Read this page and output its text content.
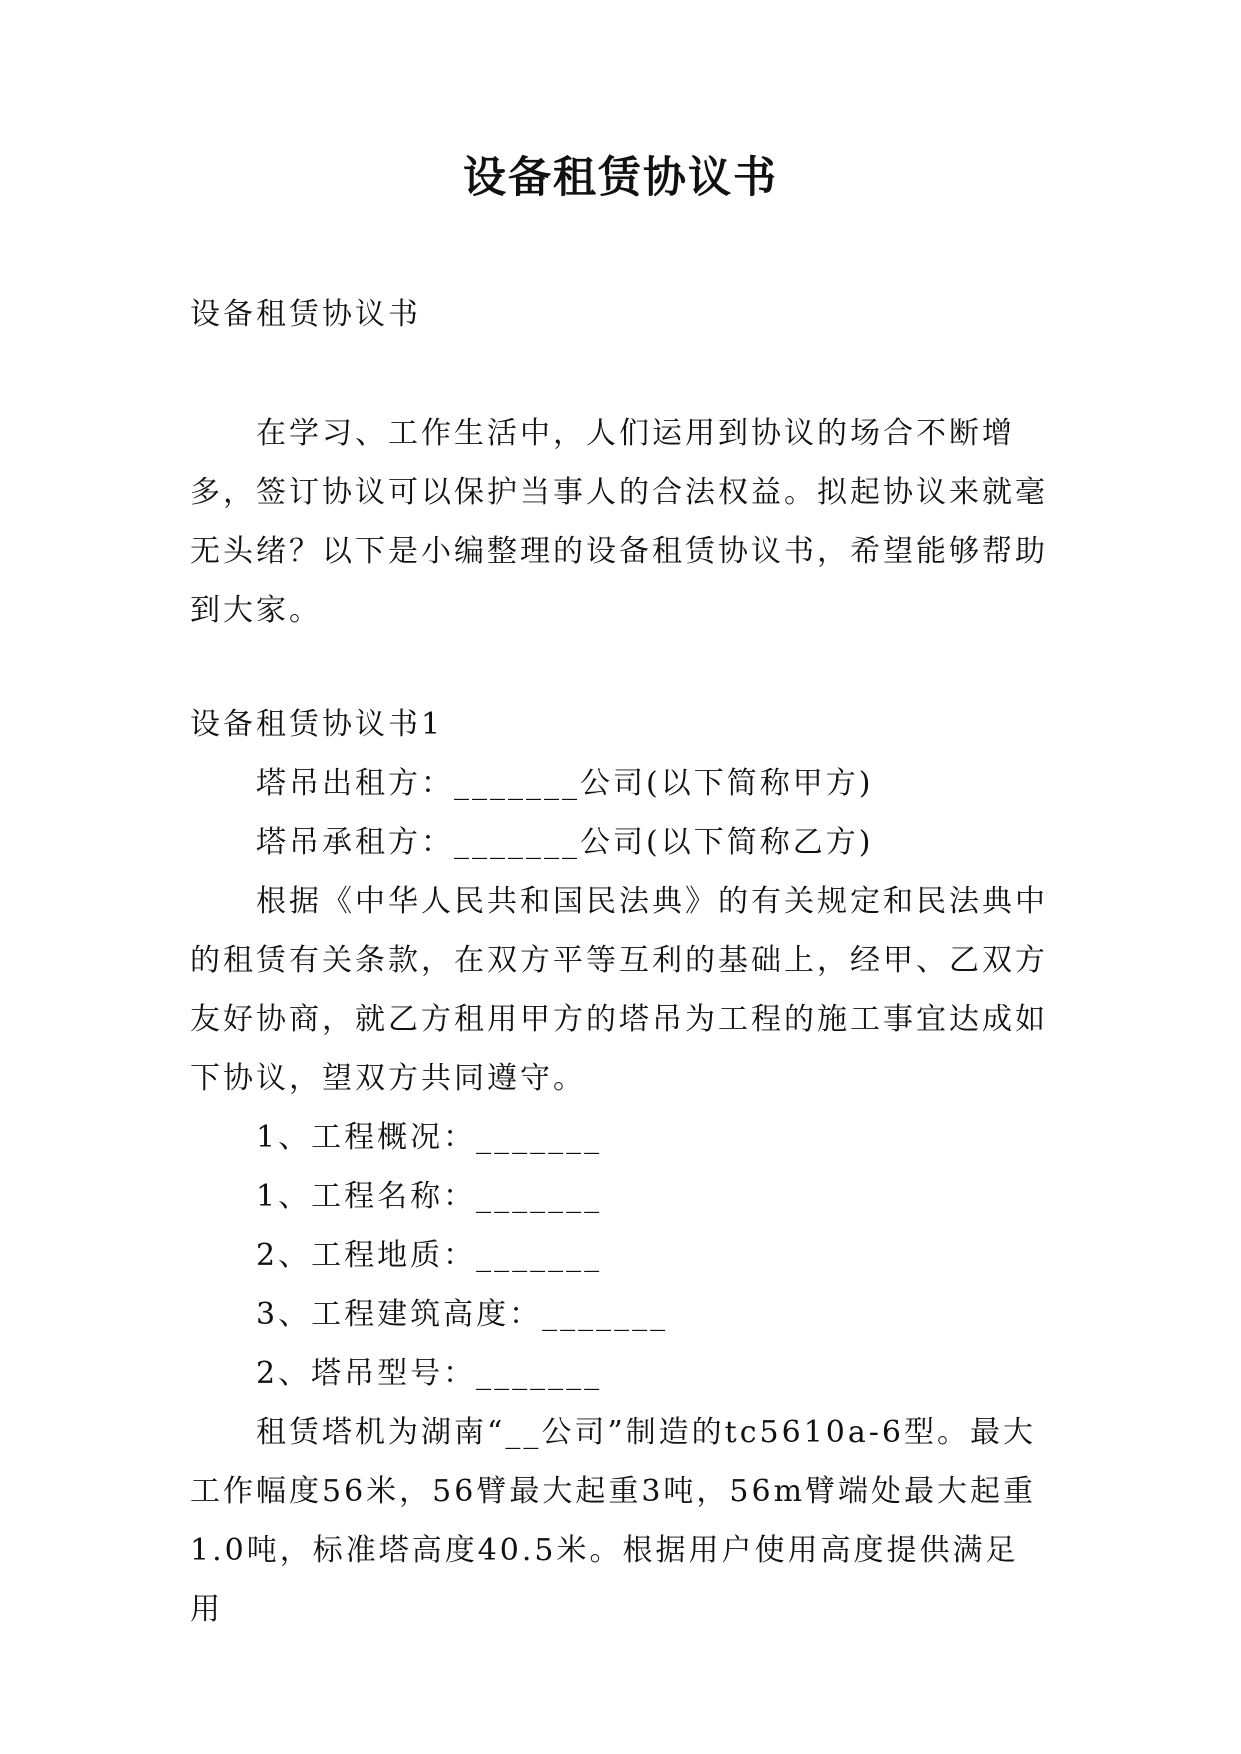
设备租赁协议书

设备租赁协议书

在学习、工作生活中，人们运用到协议的场合不断增多，签订协议可以保护当事人的合法权益。拟起协议来就毫无头绪？以下是小编整理的设备租赁协议书，希望能够帮助到大家。

设备租赁协议书1

塔吊出租方：_______公司(以下简称甲方)

塔吊承租方：_______公司(以下简称乙方)

根据《中华人民共和国民法典》的有关规定和民法典中的租赁有关条款，在双方平等互利的基础上，经甲、乙双方友好协商，就乙方租用甲方的塔吊为工程的施工事宜达成如下协议，望双方共同遵守。

1、工程概况：_______

1、工程名称：_______

2、工程地质：_______

3、工程建筑高度：_______

2、塔吊型号：_______

租赁塔机为湖南“__公司”制造的tc5610a-6型。最大工作幅度56米，56臂最大起重3吨，56m臂端处最大起重1.0吨，标准塔高度40.5米。根据用户使用高度提供满足用
